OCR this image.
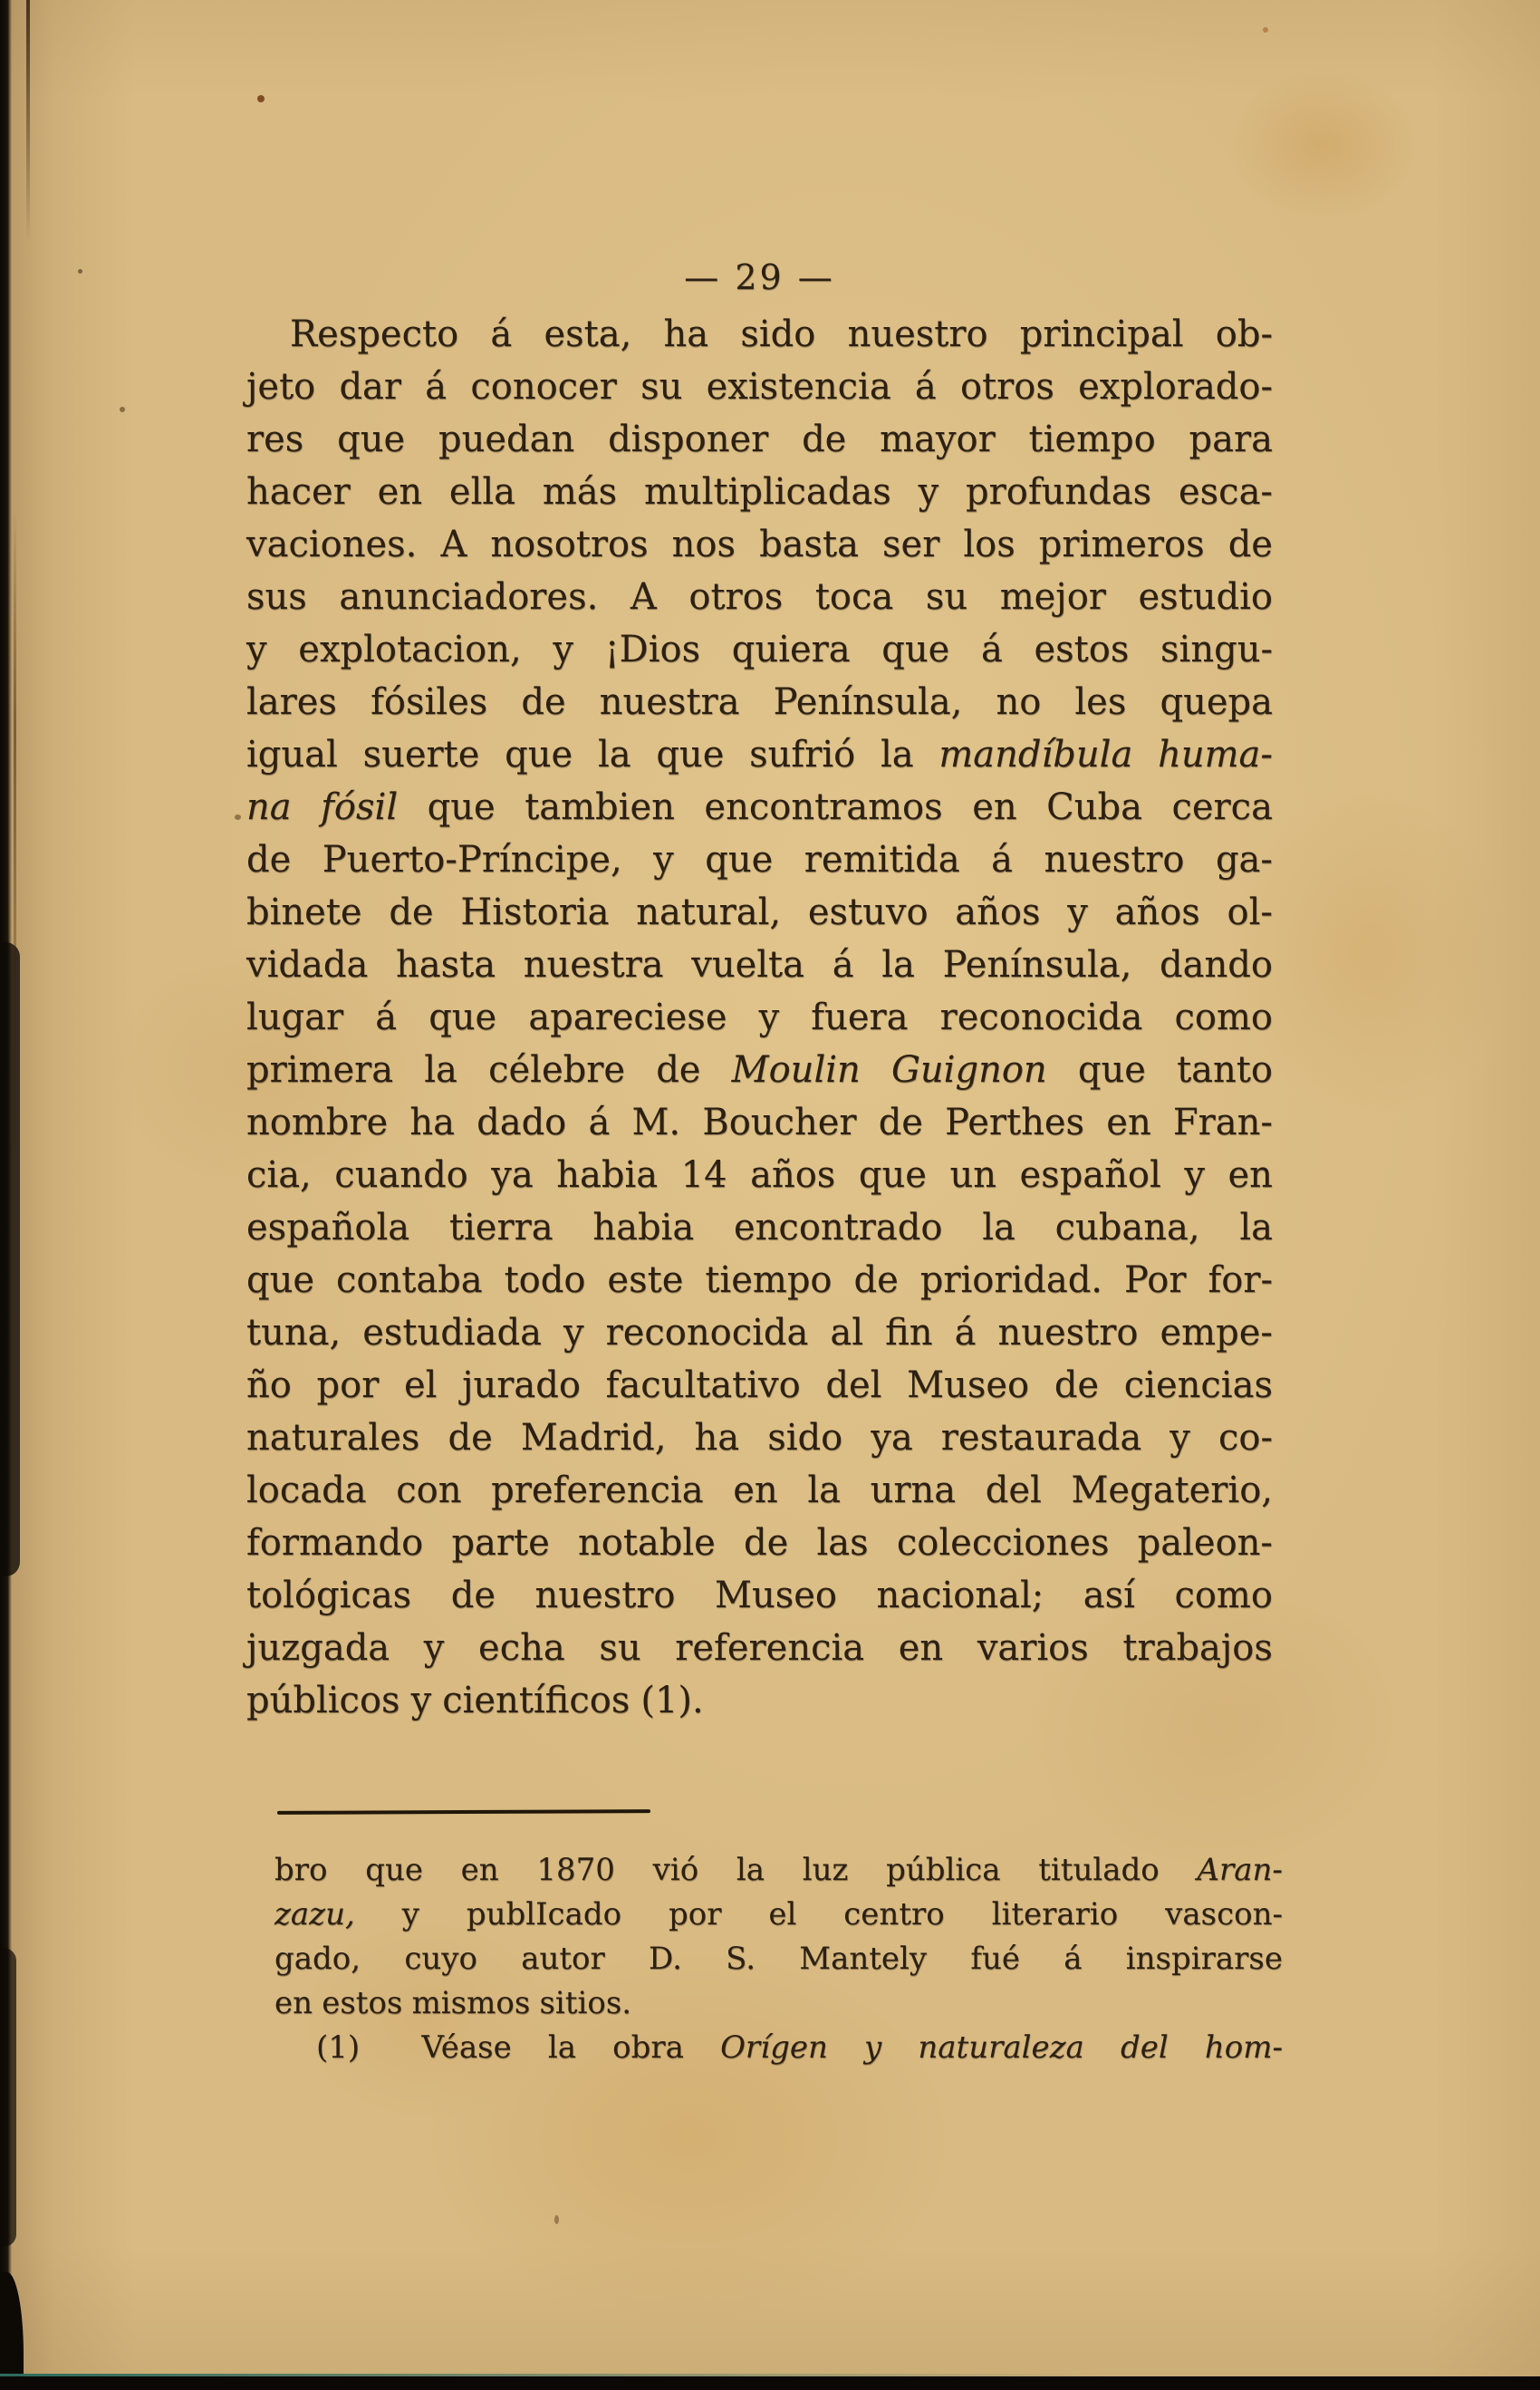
— 29 —
Respecto á esta, ha sido nuestro principal ob-
jeto dar á conocer su existencia á otros explorado-
res que puedan disponer de mayor tiempo para
hacer en ella más multiplicadas y profundas esca-
vaciones. A nosotros nos basta ser los primeros de
sus anunciadores. A otros toca su mejor estudio
y explotacion, y ¡Dios quiera que á estos singu-
lares fósiles de nuestra Península, no les quepa
igual suerte que la que sufrió la mandíbula huma-
na fósil que tambien encontramos en Cuba cerca
de Puerto-Príncipe, y que remitida á nuestro ga-
binete de Historia natural, estuvo años y años ol-
vidada hasta nuestra vuelta á la Península, dando
lugar á que apareciese y fuera reconocida como
primera la célebre de Moulin Guignon que tanto
nombre ha dado á M. Boucher de Perthes en Fran-
cia, cuando ya habia 14 años que un español y en
española tierra habia encontrado la cubana, la
que contaba todo este tiempo de prioridad. Por for-
tuna, estudiada y reconocida al fin á nuestro empe-
ño por el jurado facultativo del Museo de ciencias
naturales de Madrid, ha sido ya restaurada y co-
locada con preferencia en la urna del Megaterio,
formando parte notable de las colecciones paleon-
tológicas de nuestro Museo nacional; así como
juzgada y echa su referencia en varios trabajos
públicos y científicos (1).
bro que en 1870 vió la luz pública titulado Aran-
zazu, y publIcado por el centro literario vascon-
gado, cuyo autor D. S. Mantely fué á inspirarse
en estos mismos sitios.
(1) Véase la obra Orígen y naturaleza del hom-
